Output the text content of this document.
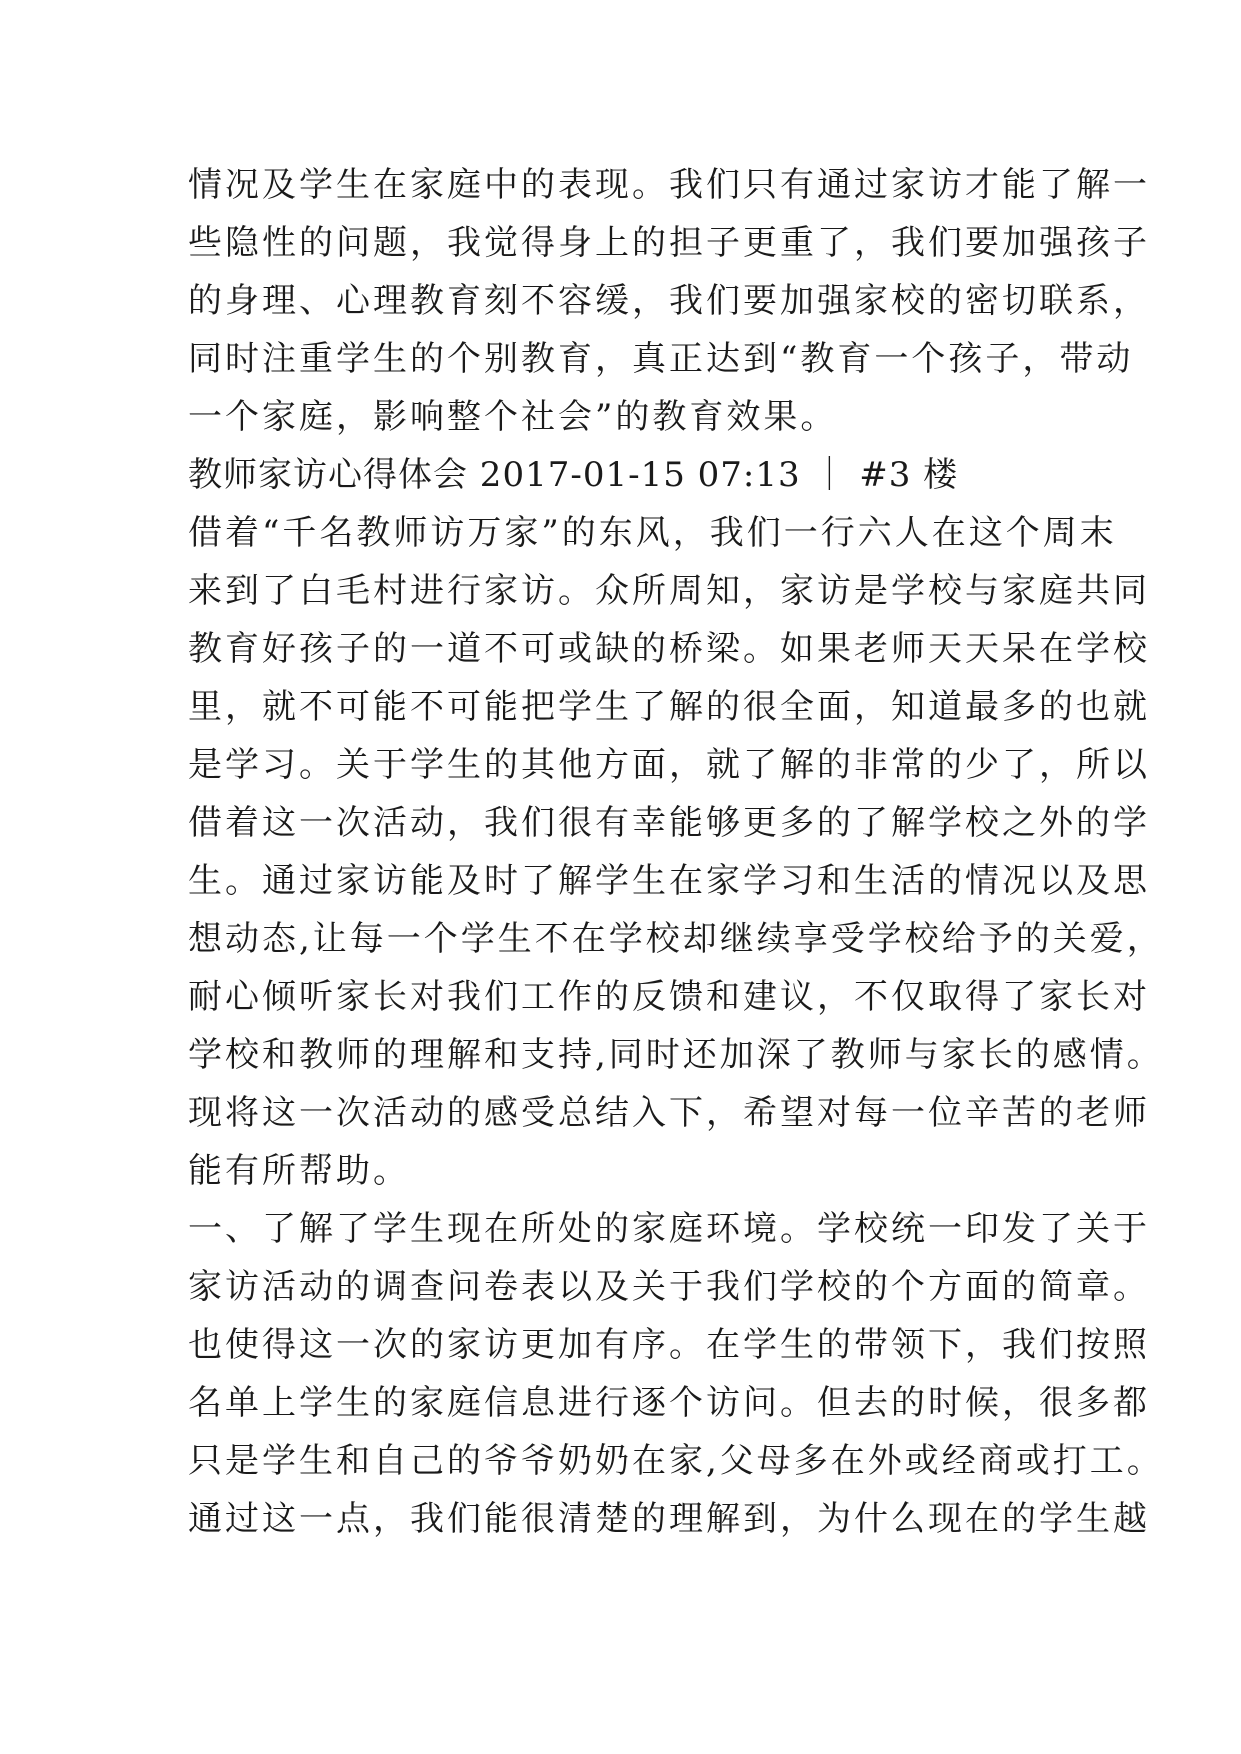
情况及学生在家庭中的表现。我们只有通过家访才能了解一
些隐性的问题，我觉得身上的担子更重了，我们要加强孩子
的身理、心理教育刻不容缓，我们要加强家校的密切联系，
同时注重学生的个别教育，真正达到“教育一个孩子，带动
一个家庭，影响整个社会”的教育效果。
教师家访心得体会 2017-01-15 07:13 ｜ #3 楼
借着“千名教师访万家”的东风，我们一行六人在这个周末
来到了白毛村进行家访。众所周知，家访是学校与家庭共同
教育好孩子的一道不可或缺的桥梁。如果老师天天呆在学校
里，就不可能不可能把学生了解的很全面，知道最多的也就
是学习。关于学生的其他方面，就了解的非常的少了，所以
借着这一次活动，我们很有幸能够更多的了解学校之外的学
生。通过家访能及时了解学生在家学习和生活的情况以及思
想动态,让每一个学生不在学校却继续享受学校给予的关爱，
耐心倾听家长对我们工作的反馈和建议，不仅取得了家长对
学校和教师的理解和支持,同时还加深了教师与家长的感情。
现将这一次活动的感受总结入下，希望对每一位辛苦的老师
能有所帮助。
一、了解了学生现在所处的家庭环境。学校统一印发了关于
家访活动的调查问卷表以及关于我们学校的个方面的简章。
也使得这一次的家访更加有序。在学生的带领下，我们按照
名单上学生的家庭信息进行逐个访问。但去的时候，很多都
只是学生和自己的爷爷奶奶在家,父母多在外或经商或打工。
通过这一点，我们能很清楚的理解到，为什么现在的学生越
